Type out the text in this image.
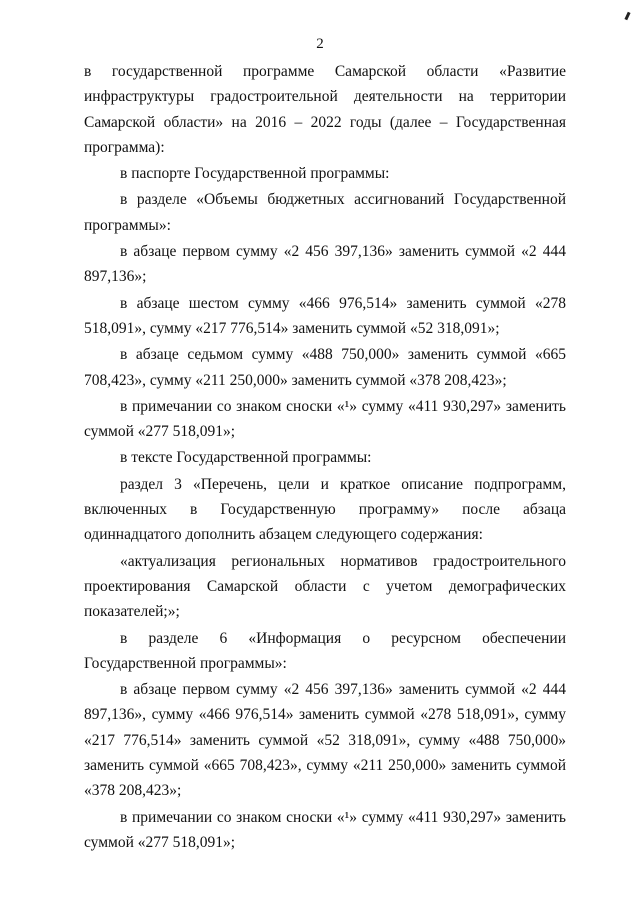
2

в государственной программе Самарской области «Развитие инфраструктуры градостроительной деятельности на территории Самарской области» на 2016 – 2022 годы (далее – Государственная программа):

в паспорте Государственной программы:

в разделе «Объемы бюджетных ассигнований Государственной программы»:

в абзаце первом сумму «2 456 397,136» заменить суммой «2 444 897,136»;

в абзаце шестом сумму «466 976,514» заменить суммой «278 518,091», сумму «217 776,514» заменить суммой «52 318,091»;

в абзаце седьмом сумму «488 750,000» заменить суммой «665 708,423», сумму «211 250,000» заменить суммой «378 208,423»;

в примечании со знаком сноски «¹» сумму «411 930,297» заменить суммой «277 518,091»;

в тексте Государственной программы:

раздел 3 «Перечень, цели и краткое описание подпрограмм, включенных в Государственную программу» после абзаца одиннадцатого дополнить абзацем следующего содержания:

«актуализация региональных нормативов градостроительного проектирования Самарской области с учетом демографических показателей;»;

в разделе 6 «Информация о ресурсном обеспечении Государственной программы»:

в абзаце первом сумму «2 456 397,136» заменить суммой «2 444 897,136», сумму «466 976,514» заменить суммой «278 518,091», сумму «217 776,514» заменить суммой «52 318,091», сумму «488 750,000» заменить суммой «665 708,423», сумму «211 250,000» заменить суммой «378 208,423»;

в примечании со знаком сноски «¹» сумму «411 930,297» заменить суммой «277 518,091»;
